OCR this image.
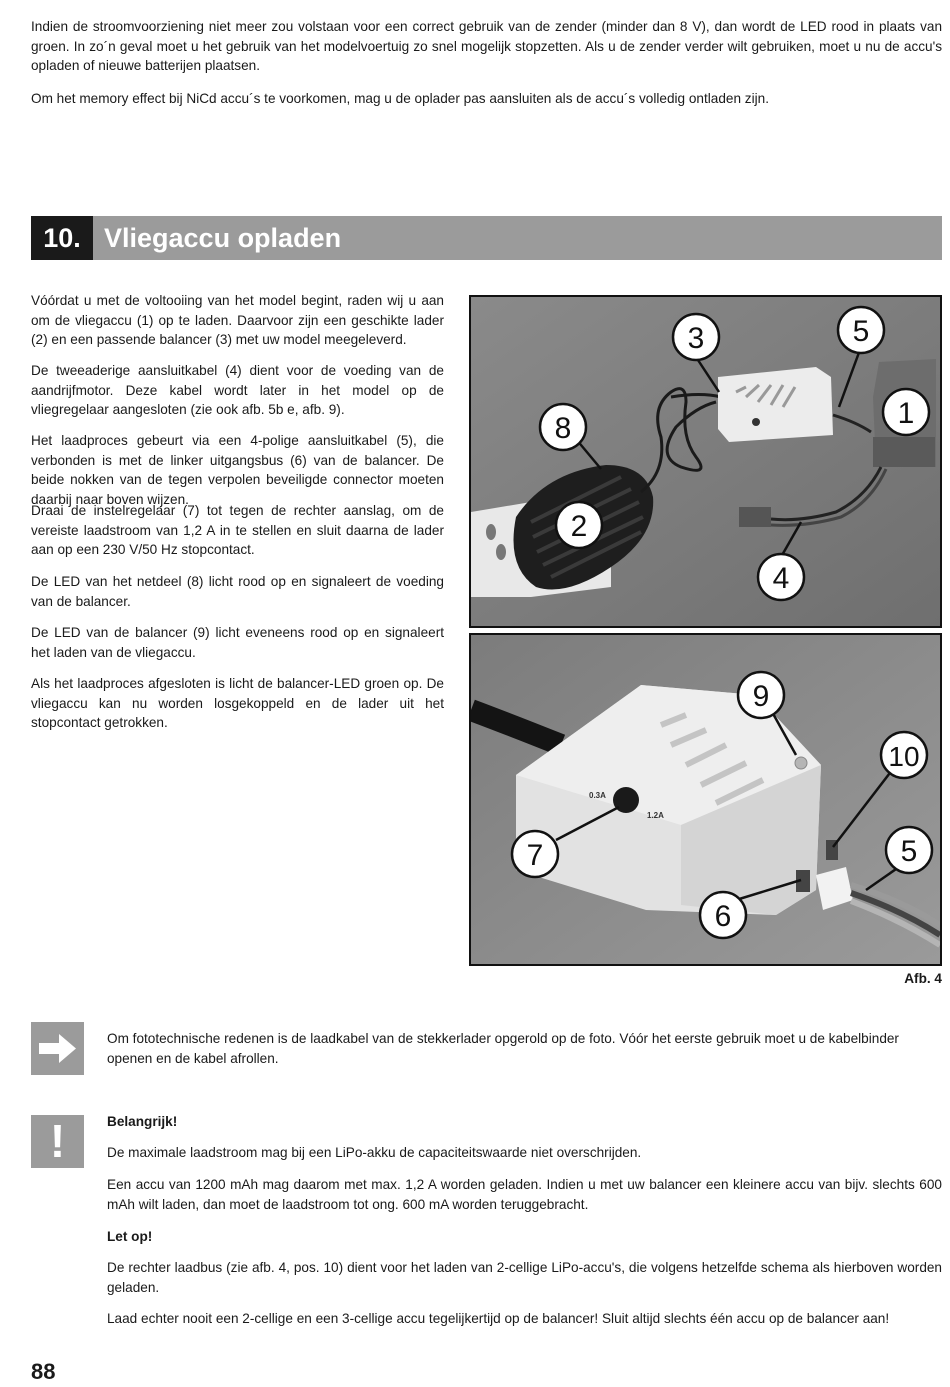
Indien de stroomvoorziening niet meer zou volstaan voor een correct gebruik van de zender (minder dan 8 V), dan wordt de LED rood in plaats van groen. In zo´n geval moet u het gebruik van het modelvoertuig zo snel mogelijk stopzetten. Als u de zender verder wilt gebruiken, moet u nu de accu's opladen of nieuwe batterijen plaatsen.

Om het memory effect bij NiCd accu´s te voorkomen, mag u de oplader pas aansluiten als de accu´s volledig ontladen zijn.

10. Vliegaccu opladen

Vóórdat u met de voltooiing van het model begint, raden wij u aan om de vliegaccu (1) op te laden. Daarvoor zijn een geschikte lader (2) en een passende balancer (3) met uw model meegeleverd.

De tweeaderige aansluitkabel (4) dient voor de voeding van de aandrijfmotor. Deze kabel wordt later in het model op de vliegregelaar aangesloten (zie ook afb. 5b e, afb. 9).

Het laadproces gebeurt via een 4-polige aansluitkabel (5), die verbonden is met de linker uitgangsbus (6) van de balancer. De beide nokken van de tegen verpolen beveiligde connector moeten daarbij naar boven wijzen.

Draai de instelregelaar (7) tot tegen de rechter aanslag, om de vereiste laadstroom van 1,2 A in te stellen en sluit daarna de lader aan op een 230 V/50 Hz stopcontact.

De LED van het netdeel (8) licht rood op en signaleert de voeding van de balancer.

De LED van de balancer (9) licht eveneens rood op en signaleert het laden van de vliegaccu.

Als het laadproces afgesloten is licht de balancer-LED groen op. De vliegaccu kan nu worden losgekoppeld en de lader uit het stopcontact getrokken.

3	5
1
8
2
4
0.3A
1.2A
9
10
7	5
6
Afb. 4

Om fototechnische redenen is de laadkabel van de stekkerlader opgerold op de foto. Vóór het eerste gebruik moet u de kabelbinder openen en de kabel afrollen.

!	Belangrijk!

De maximale laadstroom mag bij een LiPo-akku de capaciteitswaarde niet overschrijden.

Een accu van 1200 mAh mag daarom met max. 1,2 A worden geladen. Indien u met uw balancer een kleinere accu van bijv. slechts 600 mAh wilt laden, dan moet de laadstroom tot ong. 600 mA worden teruggebracht.

Let op!

De rechter laadbus (zie afb. 4, pos. 10) dient voor het laden van 2-cellige LiPo-accu's, die volgens hetzelfde schema als hierboven worden geladen.

Laad echter nooit een 2-cellige en een 3-cellige accu tegelijkertijd op de balancer! Sluit altijd slechts één accu op de balancer aan!

88
